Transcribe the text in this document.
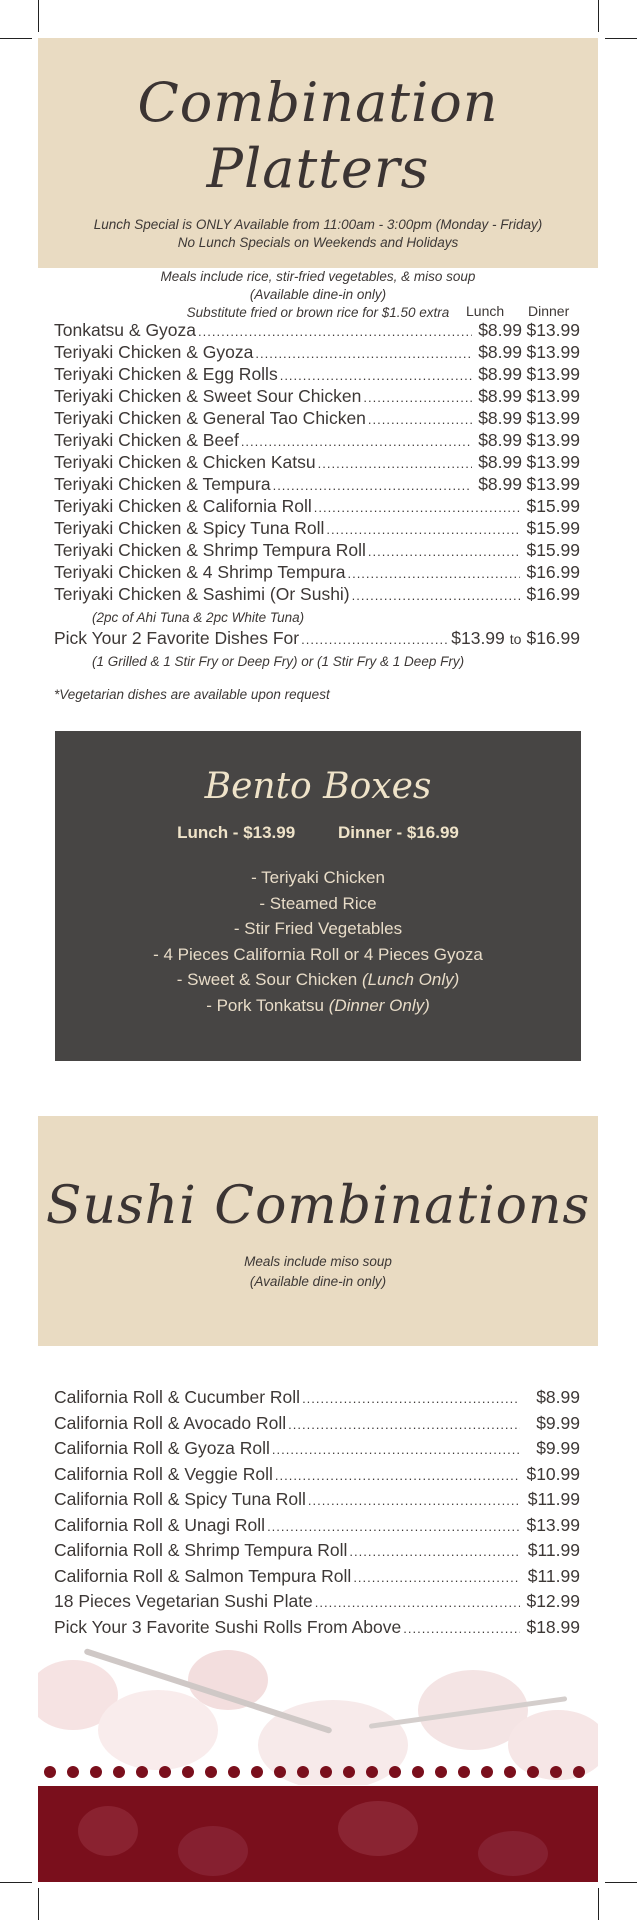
Combination Platters
Lunch Special is ONLY Available from 11:00am - 3:00pm (Monday - Friday)
No Lunch Specials on Weekends and Holidays
Meals include rice, stir-fried vegetables, & miso soup
(Available dine-in only)
Substitute fried or brown rice for $1.50 extra	Lunch Dinner
Tonkatsu & Gyoza .....	$8.99 $13.99
Teriyaki Chicken & Gyoza .....	$8.99 $13.99
Teriyaki Chicken & Egg Rolls .....	$8.99 $13.99
Teriyaki Chicken & Sweet Sour Chicken .....	$8.99 $13.99
Teriyaki Chicken & General Tao Chicken .....	$8.99 $13.99
Teriyaki Chicken & Beef .....	$8.99 $13.99
Teriyaki Chicken & Chicken Katsu .....	$8.99 $13.99
Teriyaki Chicken & Tempura .....	$8.99 $13.99
Teriyaki Chicken & California Roll .....	$15.99
Teriyaki Chicken & Spicy Tuna Roll .....	$15.99
Teriyaki Chicken & Shrimp Tempura Roll .....	$15.99
Teriyaki Chicken & 4 Shrimp Tempura .....	$16.99
Teriyaki Chicken & Sashimi (Or Sushi) .....	$16.99
(2pc of Ahi Tuna & 2pc White Tuna)
Pick Your 2 Favorite Dishes For .....	$13.99 to $16.99
(1 Grilled & 1 Stir Fry or Deep Fry) or (1 Stir Fry & 1 Deep Fry)
*Vegetarian dishes are available upon request
Bento Boxes
Lunch - $13.99	Dinner - $16.99
- Teriyaki Chicken
- Steamed Rice
- Stir Fried Vegetables
- 4 Pieces California Roll or 4 Pieces Gyoza
- Sweet & Sour Chicken (Lunch Only)
- Pork Tonkatsu (Dinner Only)
Sushi Combinations
Meals include miso soup
(Available dine-in only)
California Roll & Cucumber Roll .....	$8.99
California Roll & Avocado Roll .....	$9.99
California Roll & Gyoza Roll .....	$9.99
California Roll & Veggie Roll .....	$10.99
California Roll & Spicy Tuna Roll .....	$11.99
California Roll & Unagi Roll .....	$13.99
California Roll & Shrimp Tempura Roll .....	$11.99
California Roll & Salmon Tempura Roll .....	$11.99
18 Pieces Vegetarian Sushi Plate .....	$12.99
Pick Your 3 Favorite Sushi Rolls From Above .....	$18.99
